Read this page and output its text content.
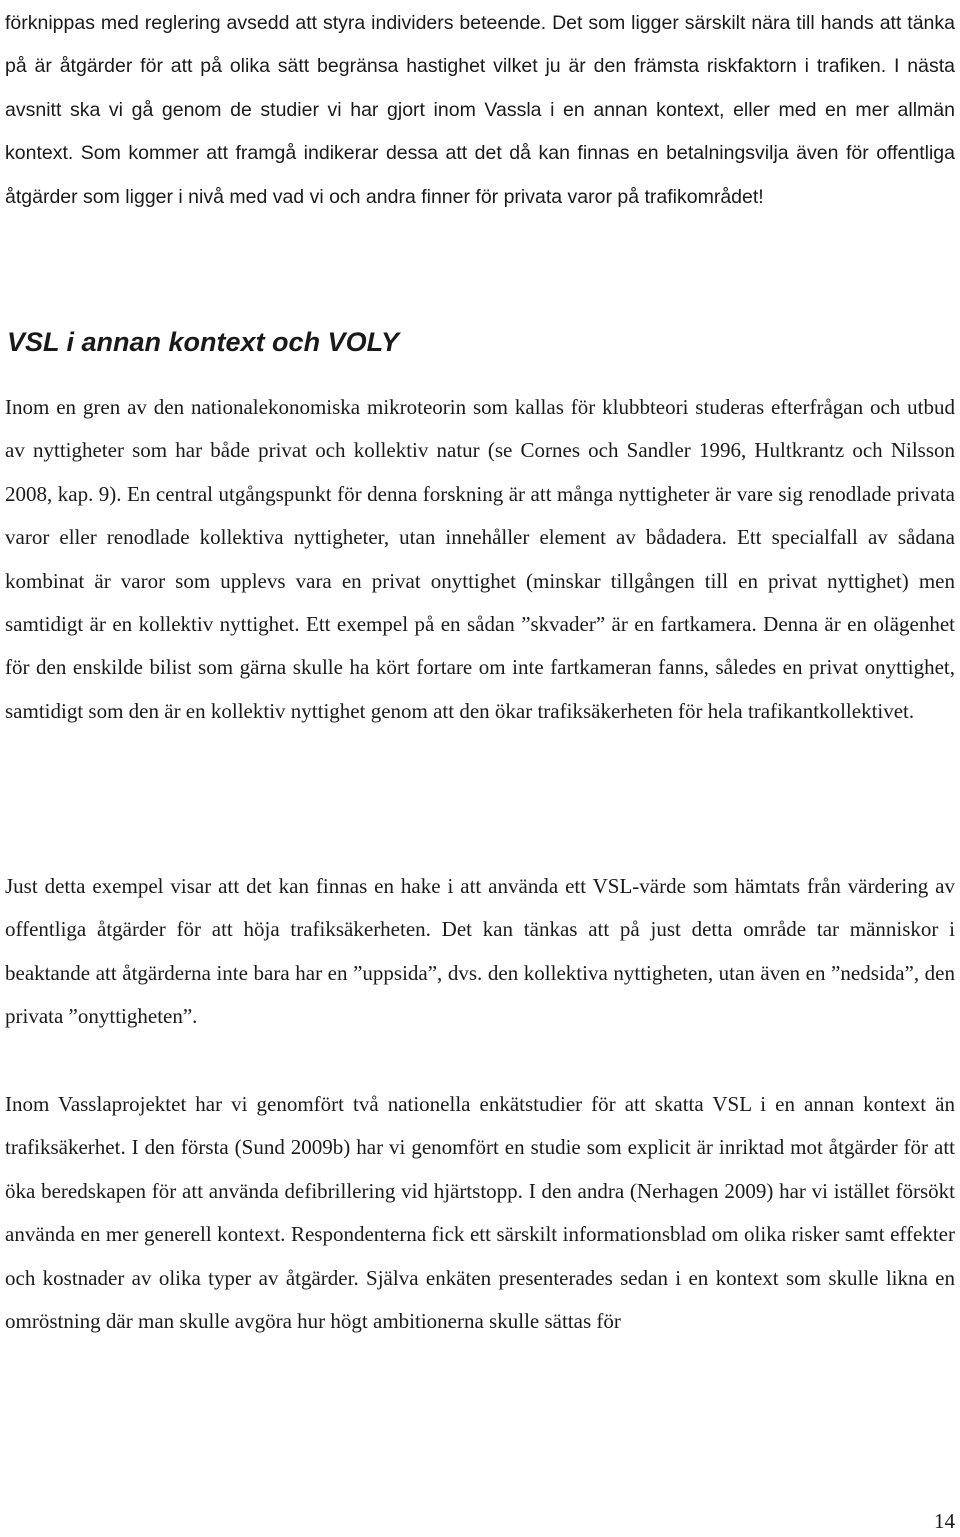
förknippas med reglering avsedd att styra individers beteende. Det som ligger särskilt nära till hands att tänka på är åtgärder för att på olika sätt begränsa hastighet vilket ju är den främsta riskfaktorn i trafiken. I nästa avsnitt ska vi gå genom de studier vi har gjort inom Vassla i en annan kontext, eller med en mer allmän kontext. Som kommer att framgå indikerar dessa att det då kan finnas en betalningsvilja även för offentliga åtgärder som ligger i nivå med vad vi och andra finner för privata varor på trafikområdet!

VSL i annan kontext och VOLY

Inom en gren av den nationalekonomiska mikroteorin som kallas för klubbteori studeras efterfrågan och utbud av nyttigheter som har både privat och kollektiv natur (se Cornes och Sandler 1996, Hultkrantz och Nilsson 2008, kap. 9). En central utgångspunkt för denna forskning är att många nyttigheter är vare sig renodlade privata varor eller renodlade kollektiva nyttigheter, utan innehåller element av bådadera. Ett specialfall av sådana kombinat är varor som upplevs vara en privat onyttighet (minskar tillgången till en privat nyttighet) men samtidigt är en kollektiv nyttighet. Ett exempel på en sådan ”skvader” är en fartkamera. Denna är en olägenhet för den enskilde bilist som gärna skulle ha kört fortare om inte fartkameran fanns, således en privat onyttighet, samtidigt som den är en kollektiv nyttighet genom att den ökar trafiksäkerheten för hela trafikantkollektivet.

Just detta exempel visar att det kan finnas en hake i att använda ett VSL-värde som hämtats från värdering av offentliga åtgärder för att höja trafiksäkerheten. Det kan tänkas att på just detta område tar människor i beaktande att åtgärderna inte bara har en ”uppsida”, dvs. den kollektiva nyttigheten, utan även en ”nedsida”, den privata ”onyttigheten”.

Inom Vasslaprojektet har vi genomfört två nationella enkätstudier för att skatta VSL i en annan kontext än trafiksäkerhet. I den första (Sund 2009b) har vi genomfört en studie som explicit är inriktad mot åtgärder för att öka beredskapen för att använda defibrillering vid hjärtstopp. I den andra (Nerhagen 2009) har vi istället försökt använda en mer generell kontext. Respondenterna fick ett särskilt informationsblad om olika risker samt effekter och kostnader av olika typer av åtgärder. Själva enkäten presenterades sedan i en kontext som skulle likna en omröstning där man skulle avgöra hur högt ambitionerna skulle sättas för

14
